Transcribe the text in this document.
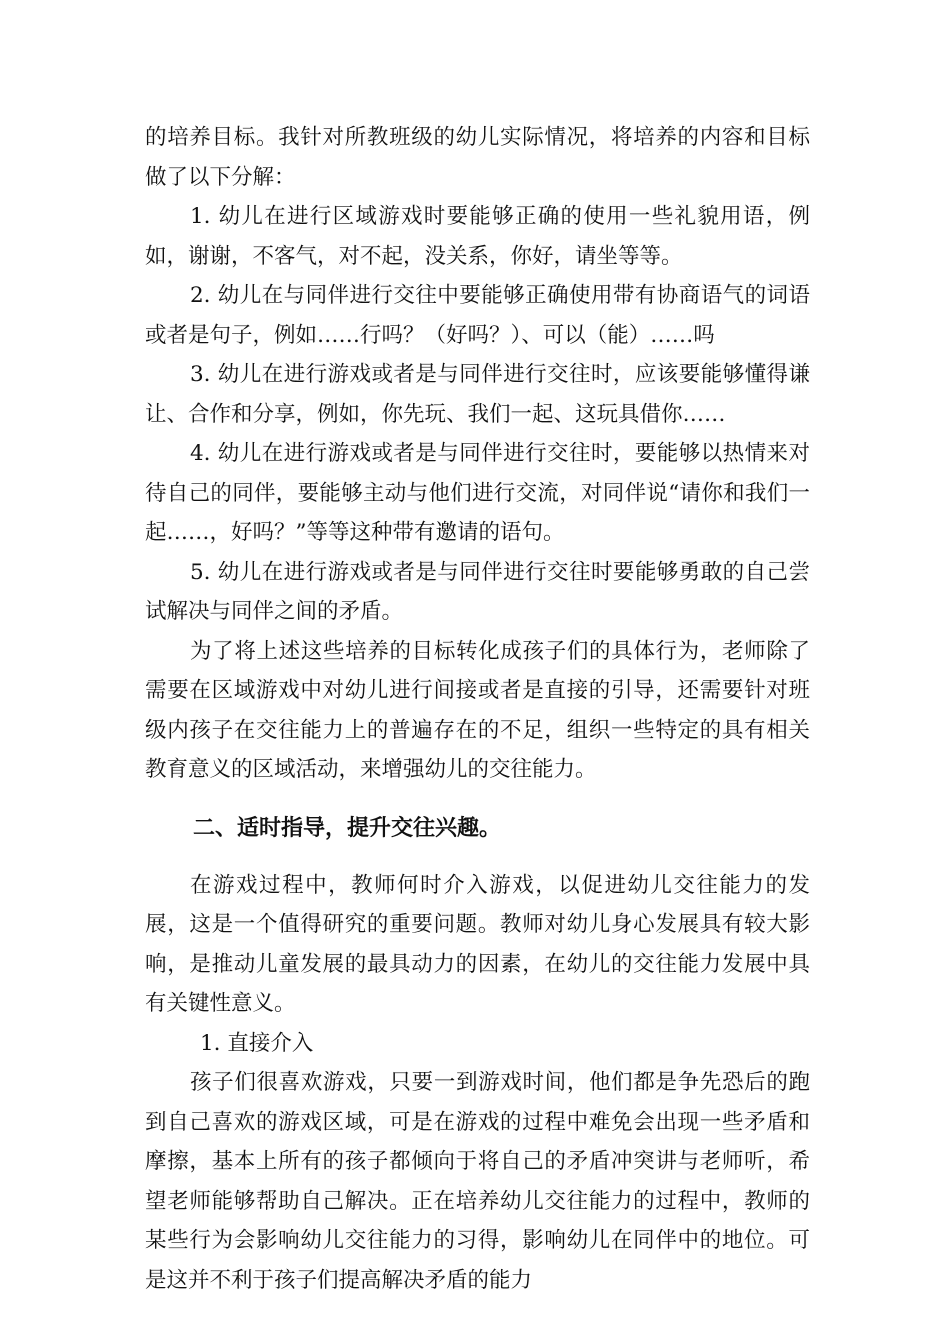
的培养目标。我针对所教班级的幼儿实际情况，将培养的内容和目标做了以下分解：

1. 幼儿在进行区域游戏时要能够正确的使用一些礼貌用语，例如，谢谢，不客气，对不起，没关系，你好，请坐等等。

2. 幼儿在与同伴进行交往中要能够正确使用带有协商语气的词语或者是句子，例如……行吗？（好吗？）、可以（能）……吗

3. 幼儿在进行游戏或者是与同伴进行交往时，应该要能够懂得谦让、合作和分享，例如，你先玩、我们一起、这玩具借你……

4. 幼儿在进行游戏或者是与同伴进行交往时，要能够以热情来对待自己的同伴，要能够主动与他们进行交流，对同伴说“请你和我们一起……，好吗？”等等这种带有邀请的语句。

5. 幼儿在进行游戏或者是与同伴进行交往时要能够勇敢的自己尝试解决与同伴之间的矛盾。

为了将上述这些培养的目标转化成孩子们的具体行为，老师除了需要在区域游戏中对幼儿进行间接或者是直接的引导，还需要针对班级内孩子在交往能力上的普遍存在的不足，组织一些特定的具有相关教育意义的区域活动，来增强幼儿的交往能力。

二、适时指导，提升交往兴趣。

在游戏过程中，教师何时介入游戏，以促进幼儿交往能力的发展，这是一个值得研究的重要问题。教师对幼儿身心发展具有较大影响，是推动儿童发展的最具动力的因素，在幼儿的交往能力发展中具有关键性意义。

1. 直接介入

孩子们很喜欢游戏，只要一到游戏时间，他们都是争先恐后的跑到自己喜欢的游戏区域，可是在游戏的过程中难免会出现一些矛盾和摩擦，基本上所有的孩子都倾向于将自己的矛盾冲突讲与老师听，希望老师能够帮助自己解决。正在培养幼儿交往能力的过程中，教师的某些行为会影响幼儿交往能力的习得，影响幼儿在同伴中的地位。可是这并不利于孩子们提高解决矛盾的能力
